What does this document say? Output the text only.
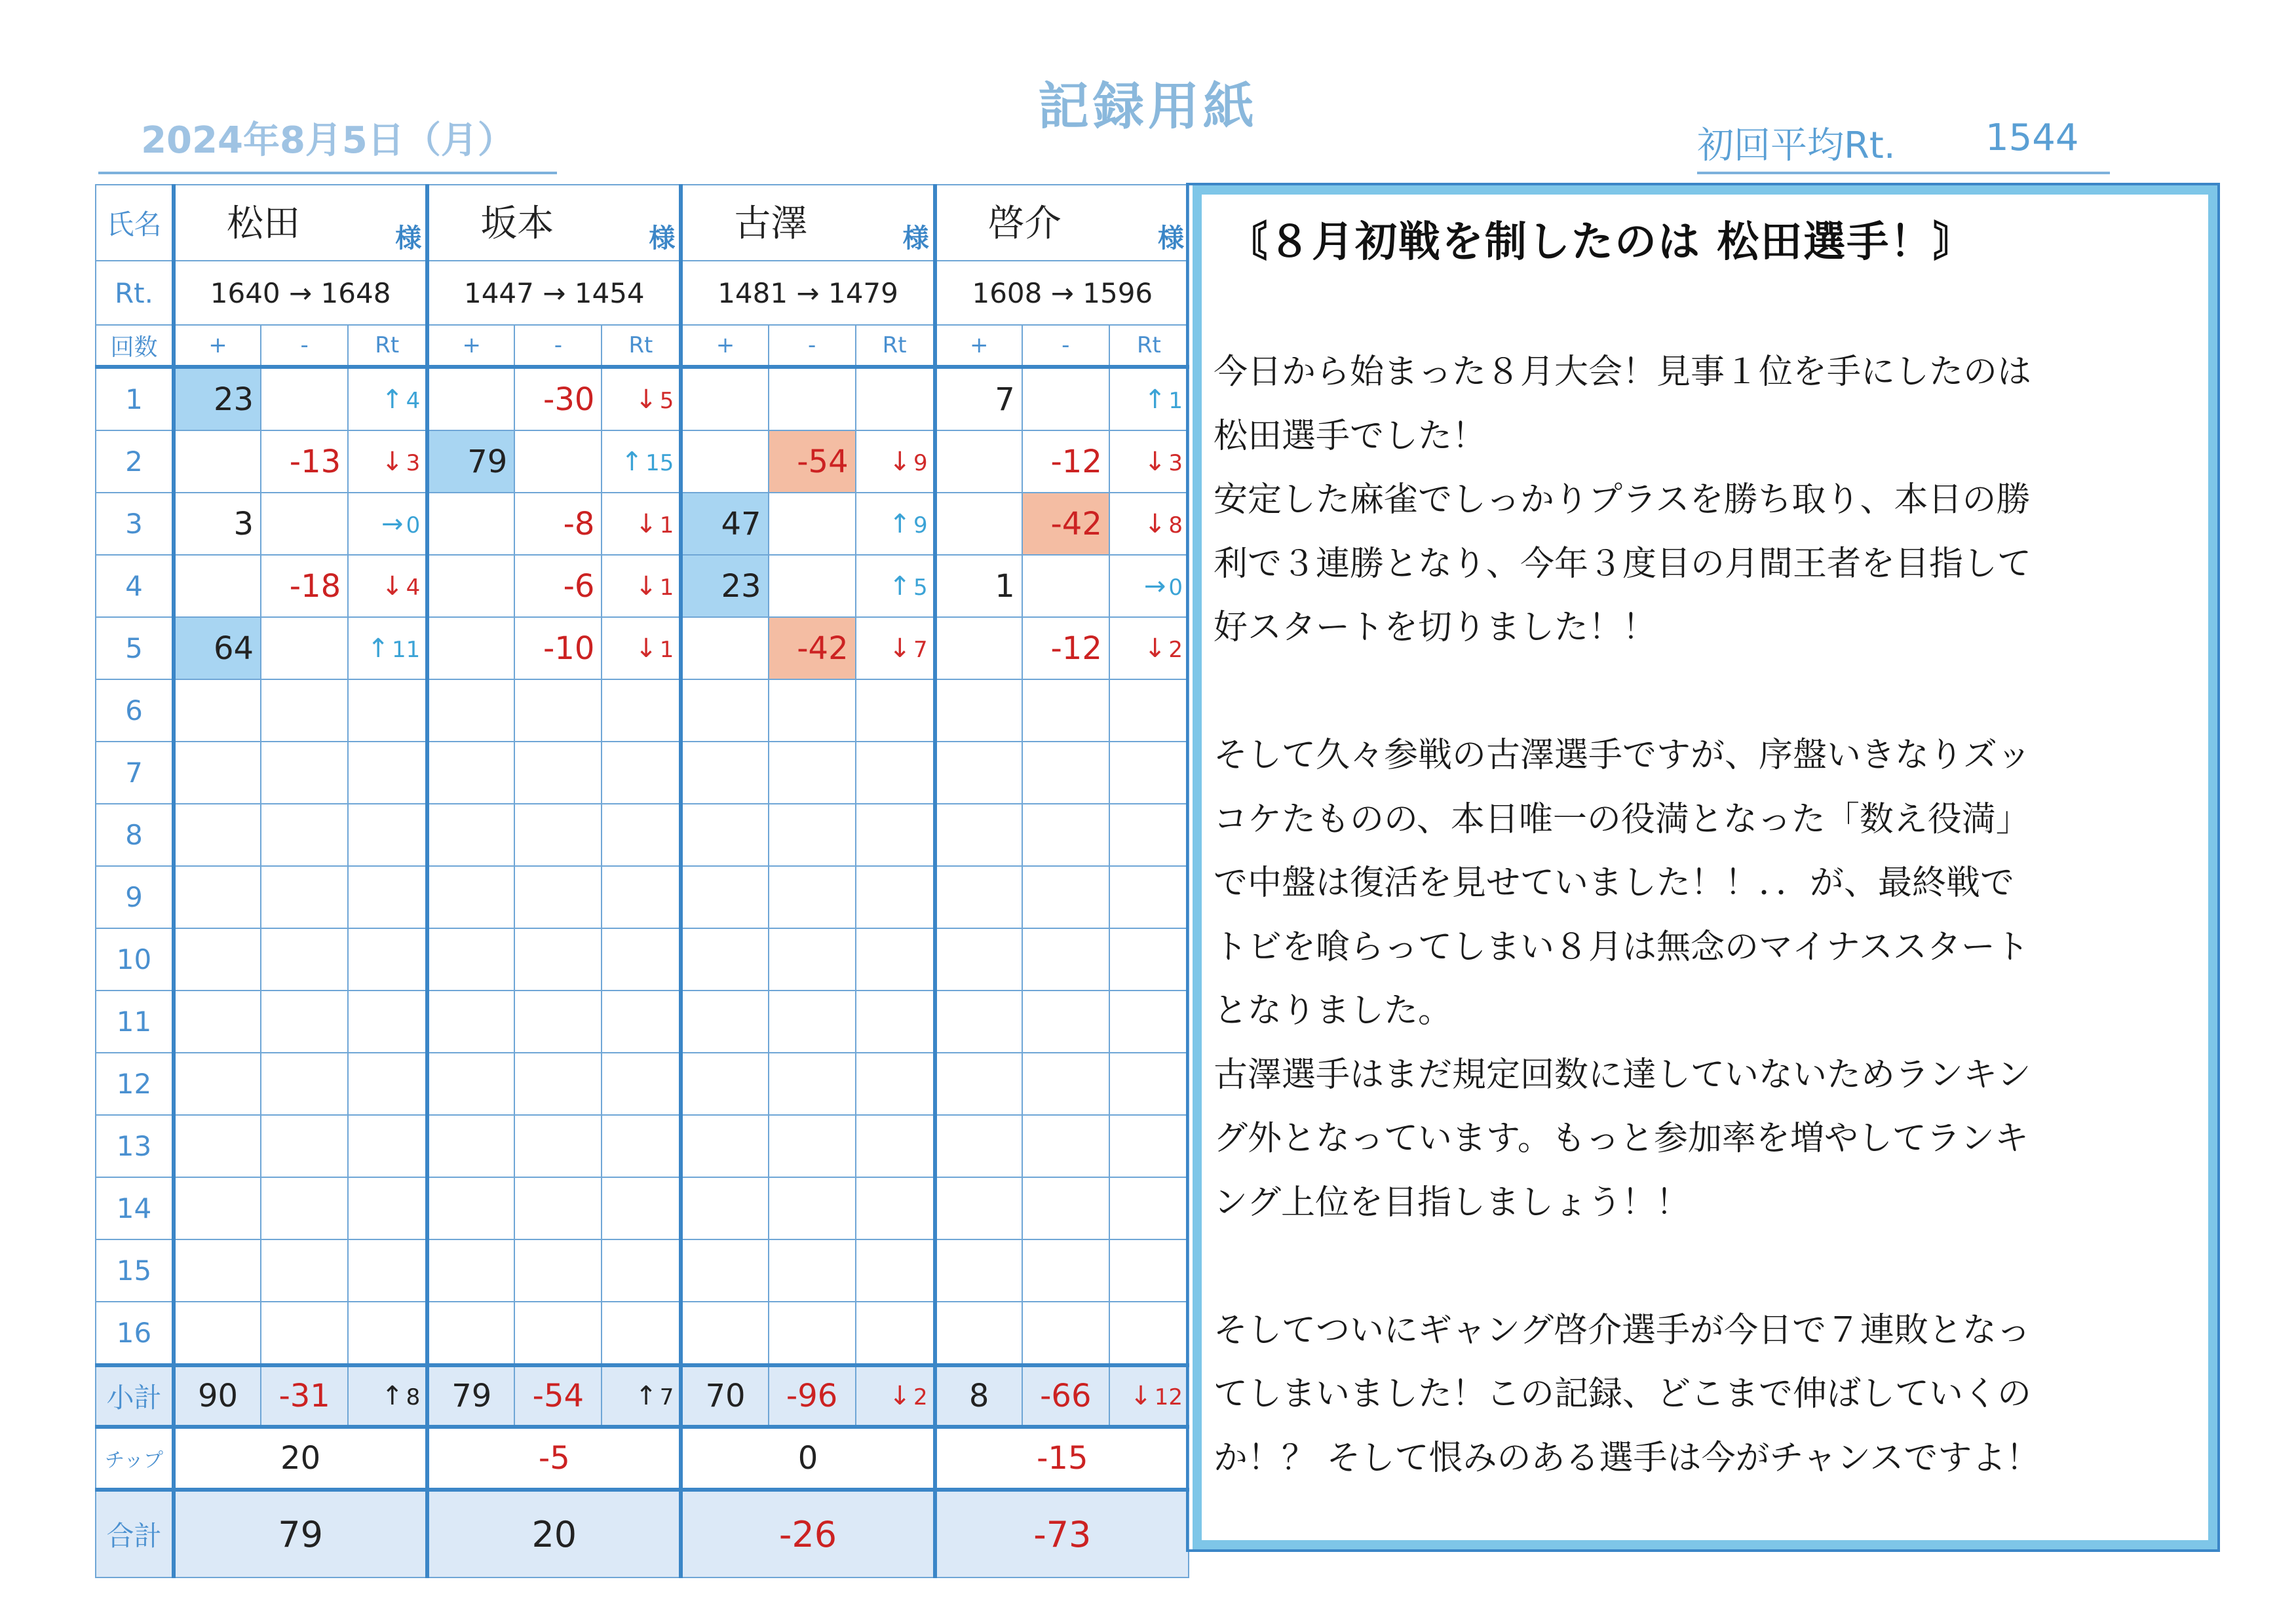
記録用紙
2024年8月5日（月）	初回平均Rt. 1544
氏名	松田 様			坂本 様			古澤 様			啓介 様		

Rt.	1640 → 1648			1447 → 1454			1481 → 1479			1608 → 1596		
回数	+	-	Rt	+	-	Rt	+	-	Rt	+	-	Rt
1	23		↑ 4		-30	↓ 5				7		↑ 1
2		-13	↓ 3	79		↑ 15		-54	↓ 9		-12	↓ 3
3	3		→ 0		-8	↓ 1	47		↑ 9		-42	↓ 8
4		-18	↓ 4		-6	↓ 1	23		↑ 5	1		→ 0
5	64		↑ 11		-10	↓ 1		-42	↓ 7		-12	↓ 2
6												
7												
8												
9												
10												
11												
12												
13												
14												
15												
16												
小計	90	-31	↑ 8	79	-54	↑ 7	70	-96	↓ 2	8	-66	↓ 12
チップ	20			-5			0			-15		
合計	79			20			-26			-73		
〘８月初戦を制したのは 松田選手！〙

今日から始まった８月大会！見事１位を手にしたのは

松田選手でした！

安定した麻雀でしっかりプラスを勝ち取り、本日の勝

利で３連勝となり、今年３度目の月間王者を目指して

好スタートを切りました！！

そして久々参戦の古澤選手ですが、序盤いきなりズッ

コケたものの、本日唯一の役満となった「数え役満」

で中盤は復活を見せていました！！．．が、最終戦で

トビを喰らってしまい８月は無念のマイナススタート

となりました。

古澤選手はまだ規定回数に達していないためランキン

グ外となっています。もっと参加率を増やしてランキ

ング上位を目指しましょう！！

そしてついにギャング啓介選手が今日で７連敗となっ

てしまいました！この記録、どこまで伸ばしていくの

か！？ そして恨みのある選手は今がチャンスですよ！
